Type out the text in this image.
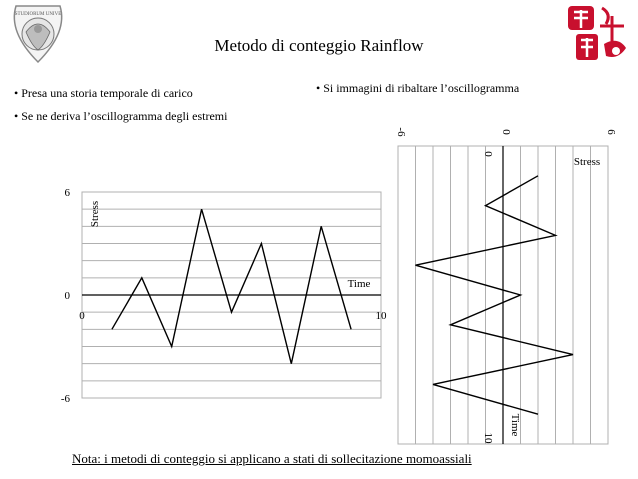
STUDIORUM UNIVE
Metodo di conteggio Rainflow
• Presa una storia temporale di carico
• Se ne deriva l’oscillogramma degli estremi
• Si immagini di ribaltare l’oscillogramma
6
0
-6
0	10
Time
Stress
-6	0	6
0
10
Stress
Time
Nota: i metodi di conteggio si applicano a stati di sollecitazione momoassiali
